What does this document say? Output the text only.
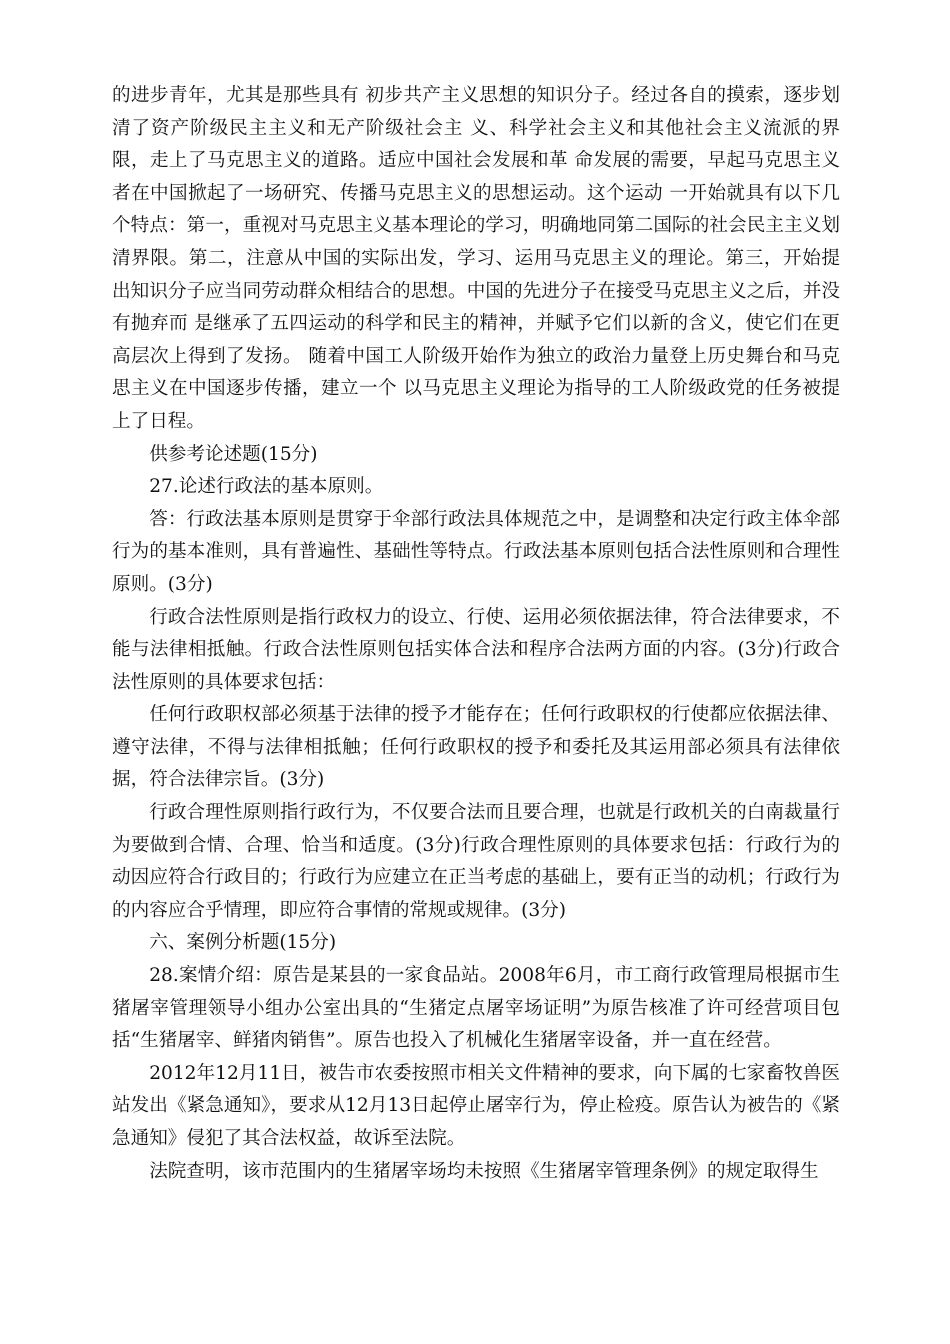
的进步青年，尤其是那些具有 初步共产主义思想的知识分子。经过各自的摸索，逐步划清了资产阶级民主主义和无产阶级社会主 义、科学社会主义和其他社会主义流派的界限，走上了马克思主义的道路。适应中国社会发展和革 命发展的需要，早起马克思主义者在中国掀起了一场研究、传播马克思主义的思想运动。这个运动 一开始就具有以下几个特点：第一，重视对马克思主义基本理论的学习，明确地同第二国际的社会民主主义划清界限。第二，注意从中国的实际出发，学习、运用马克思主义的理论。第三，开始提 出知识分子应当同劳动群众相结合的思想。中国的先进分子在接受马克思主义之后，并没有抛弃而 是继承了五四运动的科学和民主的精神，并赋予它们以新的含义，使它们在更高层次上得到了发扬。 随着中国工人阶级开始作为独立的政治力量登上历史舞台和马克思主义在中国逐步传播，建立一个 以马克思主义理论为指导的工人阶级政党的任务被提上了日程。

供参考论述题(15分)

27.论述行政法的基本原则。

答：行政法基本原则是贯穿于伞部行政法具体规范之中，是调整和决定行政主体伞部行为的基本准则，具有普遍性、基础性等特点。行政法基本原则包括合法性原则和合理性原则。(3分)

行政合法性原则是指行政权力的设立、行使、运用必须依据法律，符合法律要求，不能与法律相抵触。行政合法性原则包括实体合法和程序合法两方面的内容。(3分)行政合法性原则的具体要求包括：

任何行政职权部必须基于法律的授予才能存在；任何行政职权的行使都应依据法律、遵守法律，不得与法律相抵触；任何行政职权的授予和委托及其运用部必须具有法律依据，符合法律宗旨。(3分)

行政合理性原则指行政行为，不仅要合法而且要合理，也就是行政机关的白南裁量行为要做到合情、合理、恰当和适度。(3分)行政合理性原则的具体要求包括：行政行为的动因应符合行政目的；行政行为应建立在正当考虑的基础上，要有正当的动机；行政行为的内容应合乎情理，即应符合事情的常规或规律。(3分)

六、案例分析题(15分)

28.案情介绍：原告是某县的一家食品站。2008年6月，市工商行政管理局根据市生猪屠宰管理领导小组办公室出具的“生猪定点屠宰场证明”为原告核准了许可经营项目包括“生猪屠宰、鲜猪肉销售”。原告也投入了机械化生猪屠宰设备，并一直在经营。

2012年12月11日，被告市农委按照市相关文件精神的要求，向下属的七家畜牧兽医站发出《紧急通知》，要求从12月13日起停止屠宰行为，停止检疫。原告认为被告的《紧急通知》侵犯了其合法权益，故诉至法院。

法院查明，该市范围内的生猪屠宰场均未按照《生猪屠宰管理条例》的规定取得生
